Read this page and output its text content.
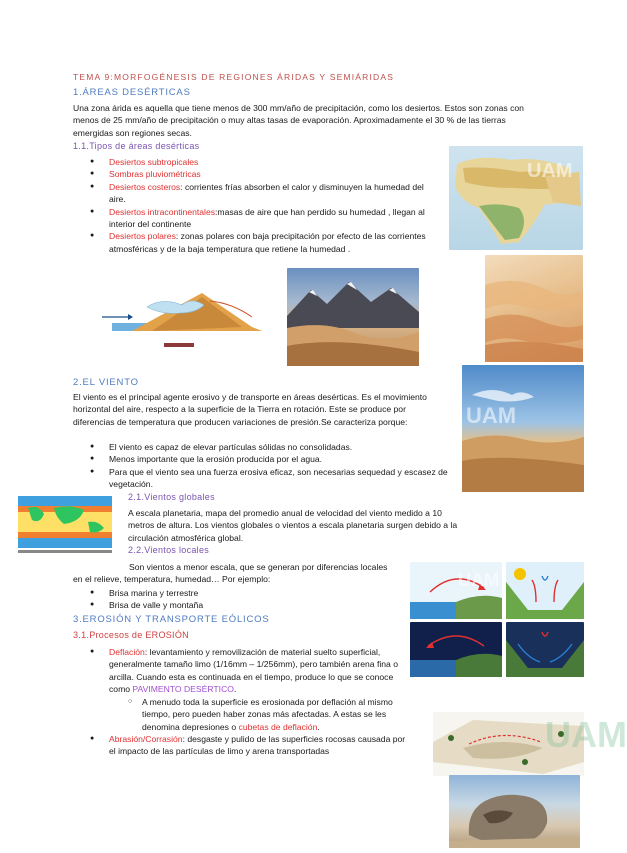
TEMA 9:MORFOGÉNESIS DE REGIONES ÁRIDAS Y SEMIÁRIDAS
1.ÁREAS DESÉRTICAS
Una zona árida es aquella que tiene menos de 300 mm/año de precipitación, como los desiertos. Estos son zonas con menos de 25 mm/año de precipitación o muy altas tasas de evaporación. Aproximadamente el 30 % de las tierras emergidas son regiones secas.
1.1.Tipos de áreas desérticas
● Desiertos subtropicales
● Sombras pluviométricas
● Desiertos costeros: corrientes frías absorben el calor y disminuyen la humedad del aire.
● Desiertos intracontinentales:masas de aire que han perdido su humedad , llegan al interior del continente
● Desiertos polares: zonas polares con baja precipitación por efecto de las corrientes atmosféricas y de la baja temperatura que retiene la humedad .
UAM
2.EL VIENTO
El viento es el principal agente erosivo y de transporte en áreas desérticas. Es el movimiento horizontal del aire, respecto a la superficie de la Tierra en rotación. Este se produce por diferencias de temperatura que producen variaciones de presión.Se caracteriza porque:
● El viento es capaz de elevar partículas sólidas no consolidadas.
● Menos importante que la erosión producida por el agua.
● Para que el viento sea una fuerza erosiva eficaz, son necesarias sequedad y escasez de vegetación.
UAM
2.1.Vientos globales
A escala planetaria, mapa del promedio anual de velocidad del viento medido a 10 metros de altura. Los vientos globales o vientos a escala planetaria surgen debido a la circulación atmosférica global.
2.2.Vientos locales
Son vientos a menor escala, que se generan por diferencias locales en el relieve, temperatura, humedad… Por ejemplo:
● Brisa marina y terrestre
● Brisa de valle y montaña
UAM
3.EROSIÓN Y TRANSPORTE EÓLICOS
3.1.Procesos de EROSIÓN
● Deflación: levantamiento y removilización de material suelto superficial, generalmente tamaño limo (1/16mm – 1/256mm), pero también arena fina o arcilla. Cuando esta es continuada en el tiempo, produce lo que se conoce como PAVIMENTO DESÉRTICO.
○ A menudo toda la superficie es erosionada por deflación al mismo tiempo, pero pueden haber zonas más afectadas. A estas se les denomina depresiones o cubetas de deflación.
● Abrasión/Corrasión: desgaste y pulido de las superficies rocosas causada por el impacto de las partículas de limo y arena transportadas	UAM
